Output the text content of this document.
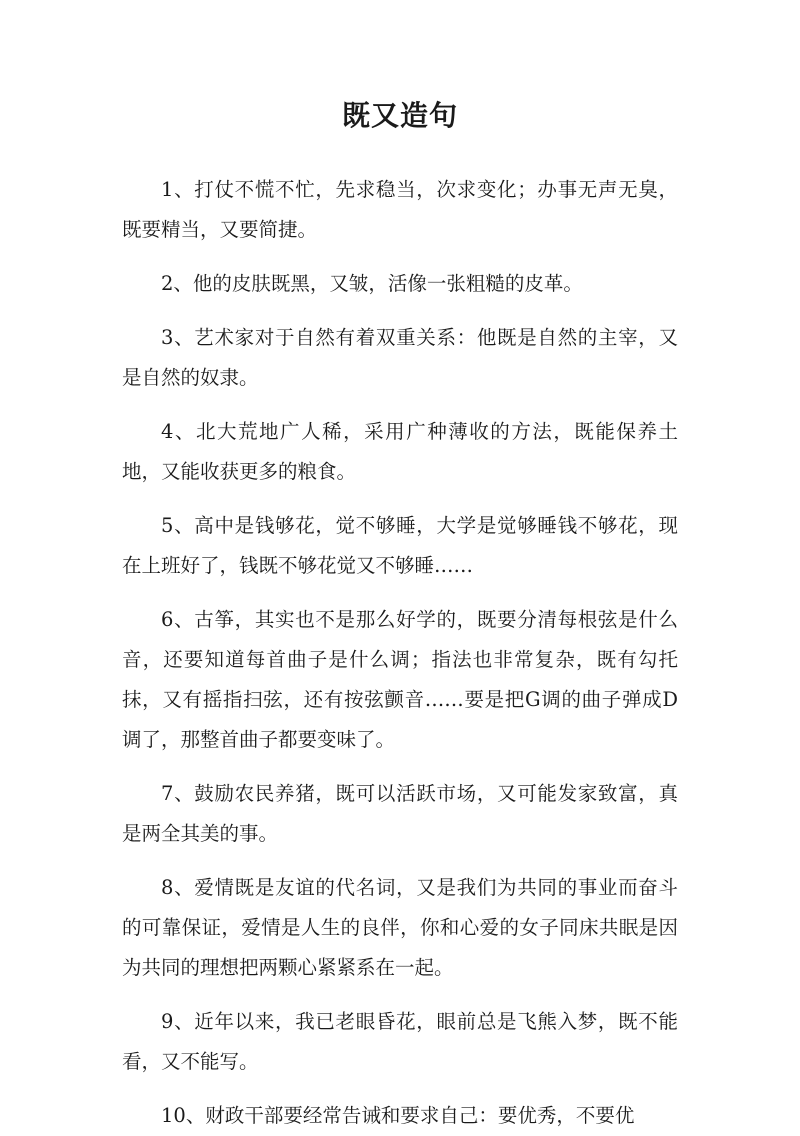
既又造句

1、打仗不慌不忙，先求稳当，次求变化；办事无声无臭，既要精当，又要简捷。

2、他的皮肤既黑，又皱，活像一张粗糙的皮革。

3、艺术家对于自然有着双重关系：他既是自然的主宰，又是自然的奴隶。

4、北大荒地广人稀，采用广种薄收的方法，既能保养土地，又能收获更多的粮食。

5、高中是钱够花，觉不够睡，大学是觉够睡钱不够花，现在上班好了，钱既不够花觉又不够睡……

6、古筝，其实也不是那么好学的，既要分清每根弦是什么音，还要知道每首曲子是什么调；指法也非常复杂，既有勾托抹，又有摇指扫弦，还有按弦颤音……要是把G调的曲子弹成D调了，那整首曲子都要变味了。

7、鼓励农民养猪，既可以活跃市场，又可能发家致富，真是两全其美的事。

8、爱情既是友谊的代名词，又是我们为共同的事业而奋斗的可靠保证，爱情是人生的良伴，你和心爱的女子同床共眠是因为共同的理想把两颗心紧紧系在一起。

9、近年以来，我已老眼昏花，眼前总是飞熊入梦，既不能看，又不能写。

10、财政干部要经常告诫和要求自己：要优秀，不要优
